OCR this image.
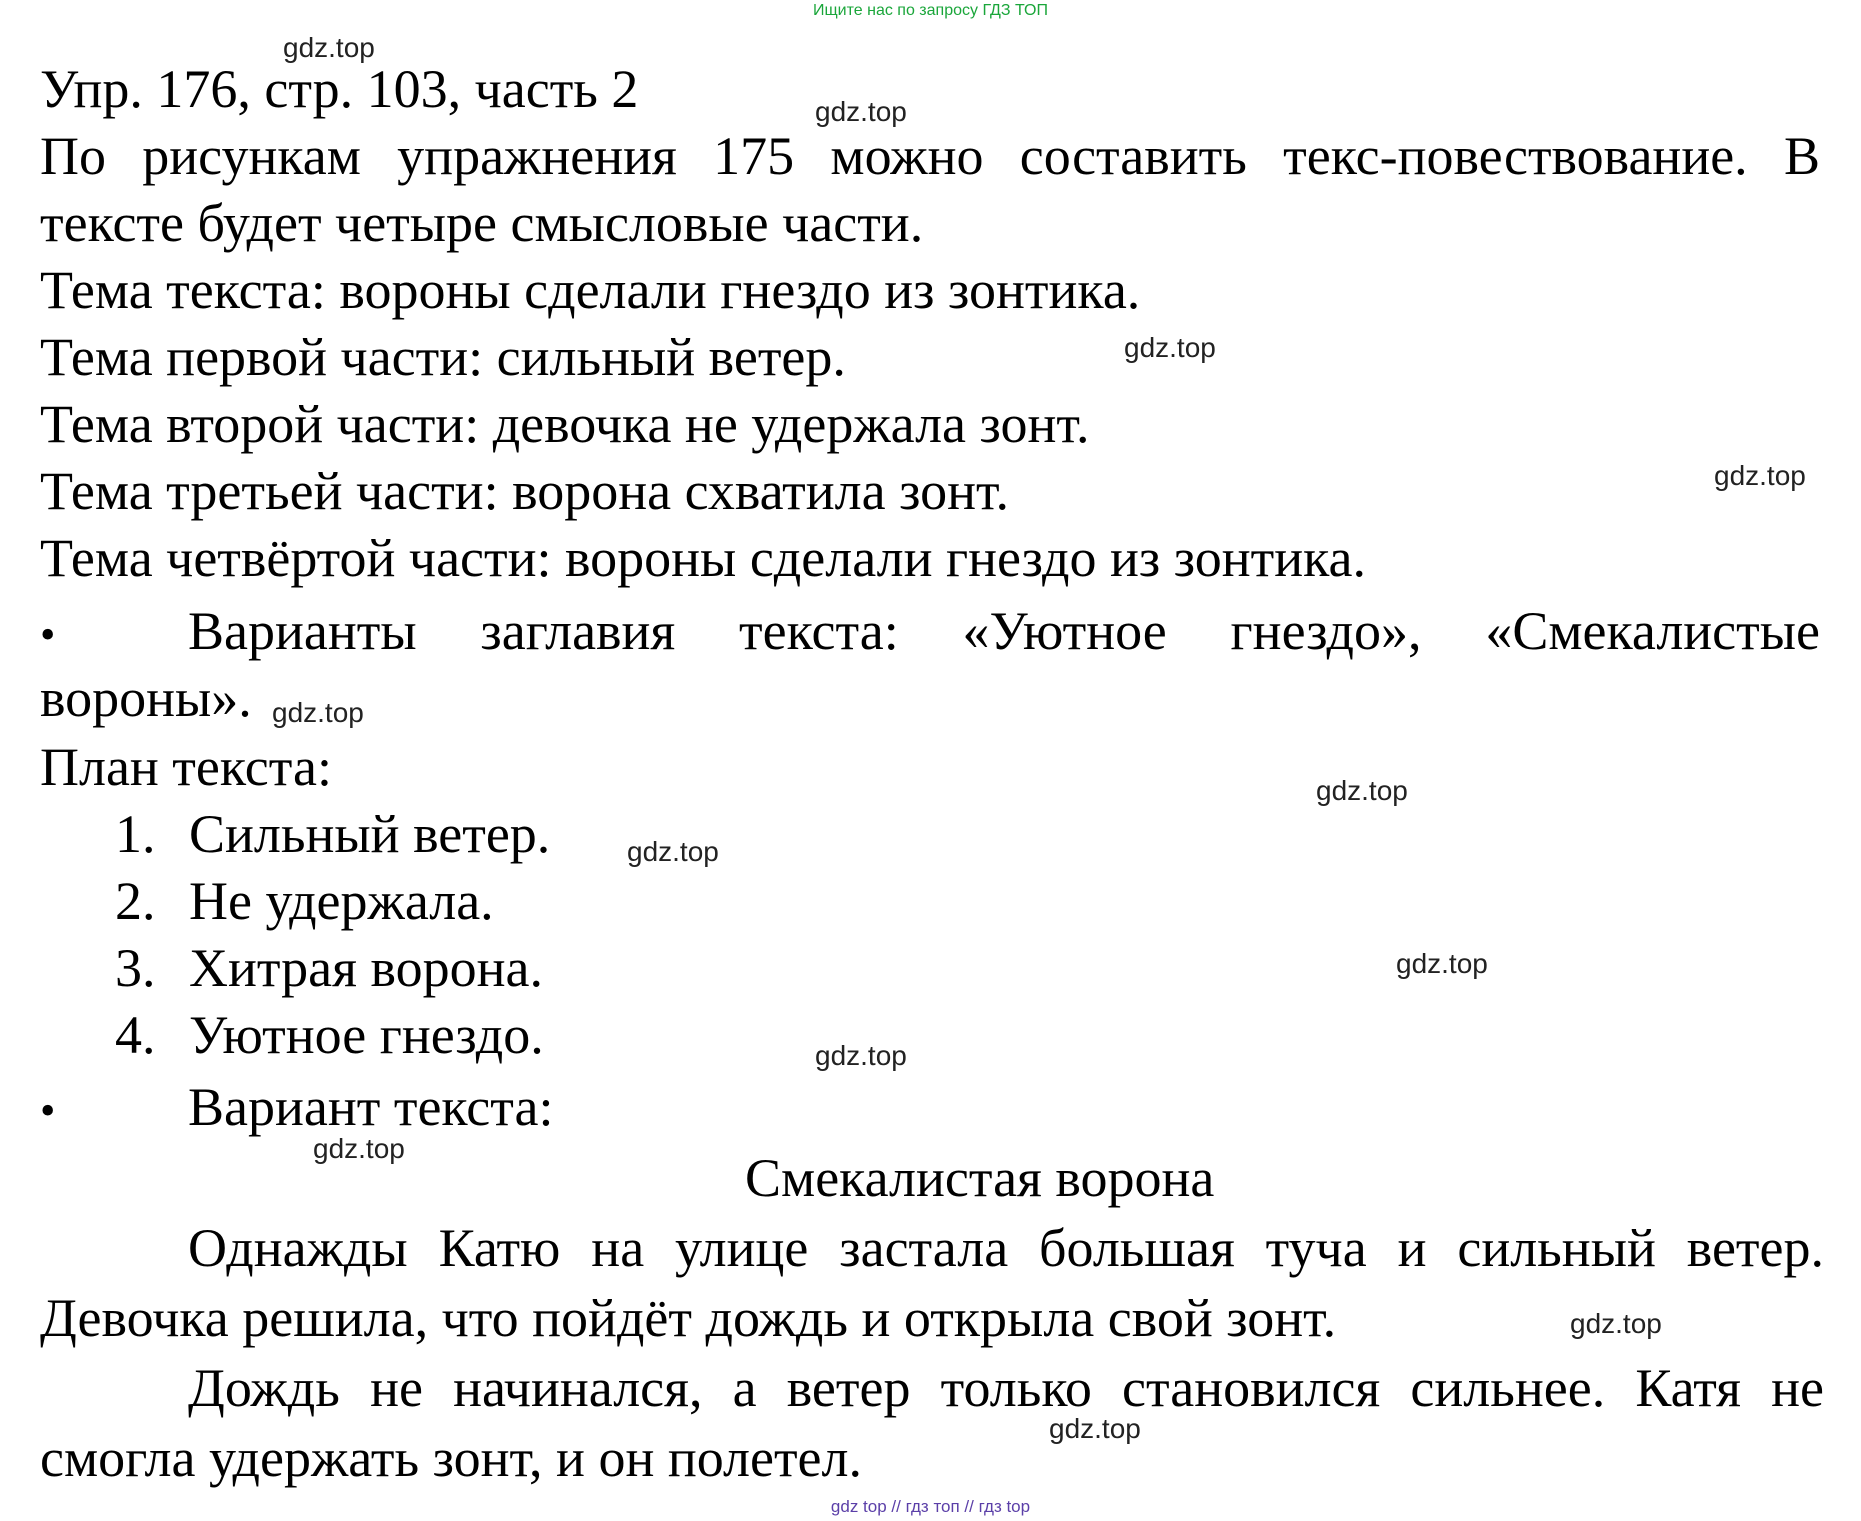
Ищите нас по запросу ГДЗ ТОП
Упр. 176, стр. 103, часть 2
По рисункам упражнения 175 можно составить текс-повествование. В
тексте будет четыре смысловые части.
Тема текста: вороны сделали гнездо из зонтика.
Тема первой части: сильный ветер.
Тема второй части: девочка не удержала зонт.
Тема третьей части: ворона схватила зонт.
Тема четвёртой части: вороны сделали гнездо из зонтика.
• Варианты заглавия текста: «Уютное гнездо», «Смекалистые
вороны».
План текста:
1. Сильный ветер.
2. Не удержала.
3. Хитрая ворона.
4. Уютное гнездо.
• Вариант текста:
Смекалистая ворона
Однажды Катю на улице застала большая туча и сильный ветер. Девочка решила, что пойдёт дождь и открыла свой зонт.
Дождь не начинался, а ветер только становился сильнее. Катя не смогла удержать зонт, и он полетел.
gdz.top
gdz.top
gdz.top
gdz.top
gdz.top
gdz.top
gdz.top
gdz.top
gdz.top
gdz.top
gdz.top
gdz.top
gdz top // гдз топ // гдз top
